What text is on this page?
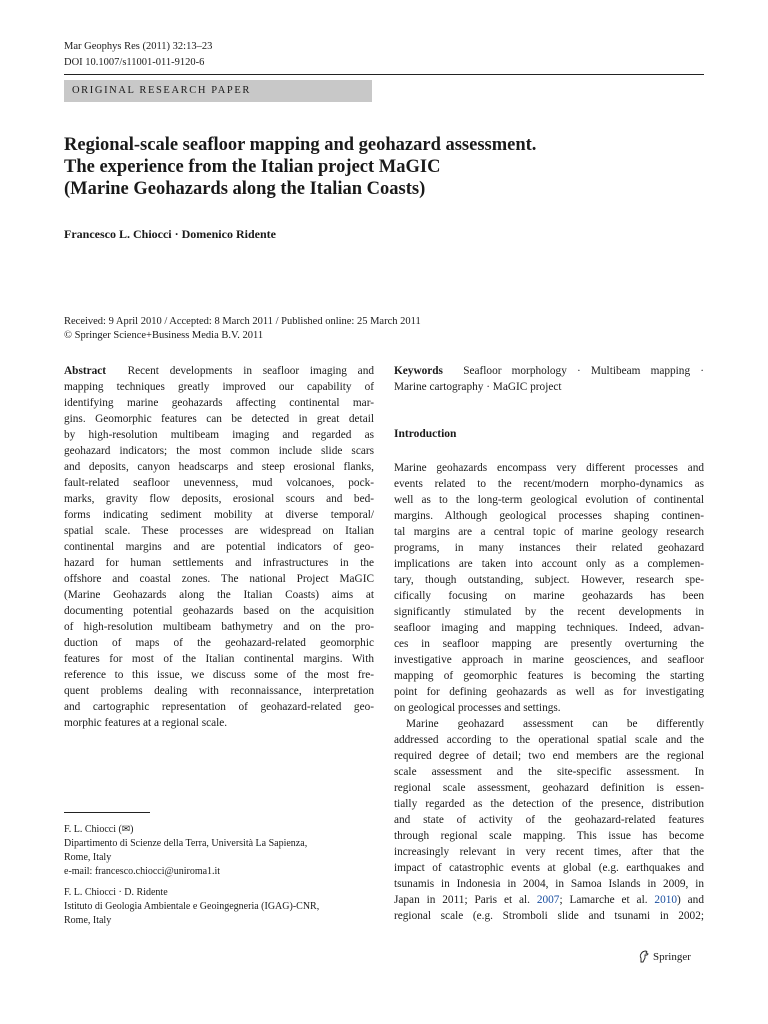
Mar Geophys Res (2011) 32:13–23
DOI 10.1007/s11001-011-9120-6
ORIGINAL RESEARCH PAPER
Regional-scale seafloor mapping and geohazard assessment.
The experience from the Italian project MaGIC
(Marine Geohazards along the Italian Coasts)
Francesco L. Chiocci · Domenico Ridente
Received: 9 April 2010 / Accepted: 8 March 2011 / Published online: 25 March 2011
© Springer Science+Business Media B.V. 2011
Abstract Recent developments in seafloor imaging and
mapping techniques greatly improved our capability of
identifying marine geohazards affecting continental mar-
gins. Geomorphic features can be detected in great detail
by high-resolution multibeam imaging and regarded as
geohazard indicators; the most common include slide scars
and deposits, canyon headscarps and steep erosional flanks,
fault-related seafloor unevenness, mud volcanoes, pock-
marks, gravity flow deposits, erosional scours and bed-
forms indicating sediment mobility at diverse temporal/
spatial scale. These processes are widespread on Italian
continental margins and are potential indicators of geo-
hazard for human settlements and infrastructures in the
offshore and coastal zones. The national Project MaGIC
(Marine Geohazards along the Italian Coasts) aims at
documenting potential geohazards based on the acquisition
of high-resolution multibeam bathymetry and on the pro-
duction of maps of the geohazard-related geomorphic
features for most of the Italian continental margins. With
reference to this issue, we discuss some of the most fre-
quent problems dealing with reconnaissance, interpretation
and cartographic representation of geohazard-related geo-
morphic features at a regional scale.
Keywords Seafloor morphology · Multibeam mapping ·
Marine cartography · MaGIC project
Introduction
Marine geohazards encompass very different processes and
events related to the recent/modern morpho-dynamics as
well as to the long-term geological evolution of continental
margins. Although geological processes shaping continen-
tal margins are a central topic of marine geology research
programs, in many instances their related geohazard
implications are taken into account only as a complemen-
tary, though outstanding, subject. However, research spe-
cifically focusing on marine geohazards has been
significantly stimulated by the recent developments in
seafloor imaging and mapping techniques. Indeed, advan-
ces in seafloor mapping are presently overturning the
investigative approach in marine geosciences, and seafloor
mapping of geomorphic features is becoming the starting
point for defining geohazards as well as for investigating
on geological processes and settings.
Marine geohazard assessment can be differently
addressed according to the operational spatial scale and the
required degree of detail; two end members are the regional
scale assessment and the site-specific assessment. In
regional scale assessment, geohazard definition is essen-
tially regarded as the detection of the presence, distribution
and state of activity of the geohazard-related features
through regional scale mapping. This issue has become
increasingly relevant in very recent times, after that the
impact of catastrophic events at global (e.g. earthquakes and
tsunamis in Indonesia in 2004, in Samoa Islands in 2009, in
Japan in 2011; Paris et al. 2007; Lamarche et al. 2010) and
regional scale (e.g. Stromboli slide and tsunami in 2002;
F. L. Chiocci (✉)
Dipartimento di Scienze della Terra, Università La Sapienza,
Rome, Italy
e-mail: francesco.chiocci@uniroma1.it
F. L. Chiocci · D. Ridente
Istituto di Geologia Ambientale e Geoingegneria (IGAG)-CNR,
Rome, Italy
Springer
